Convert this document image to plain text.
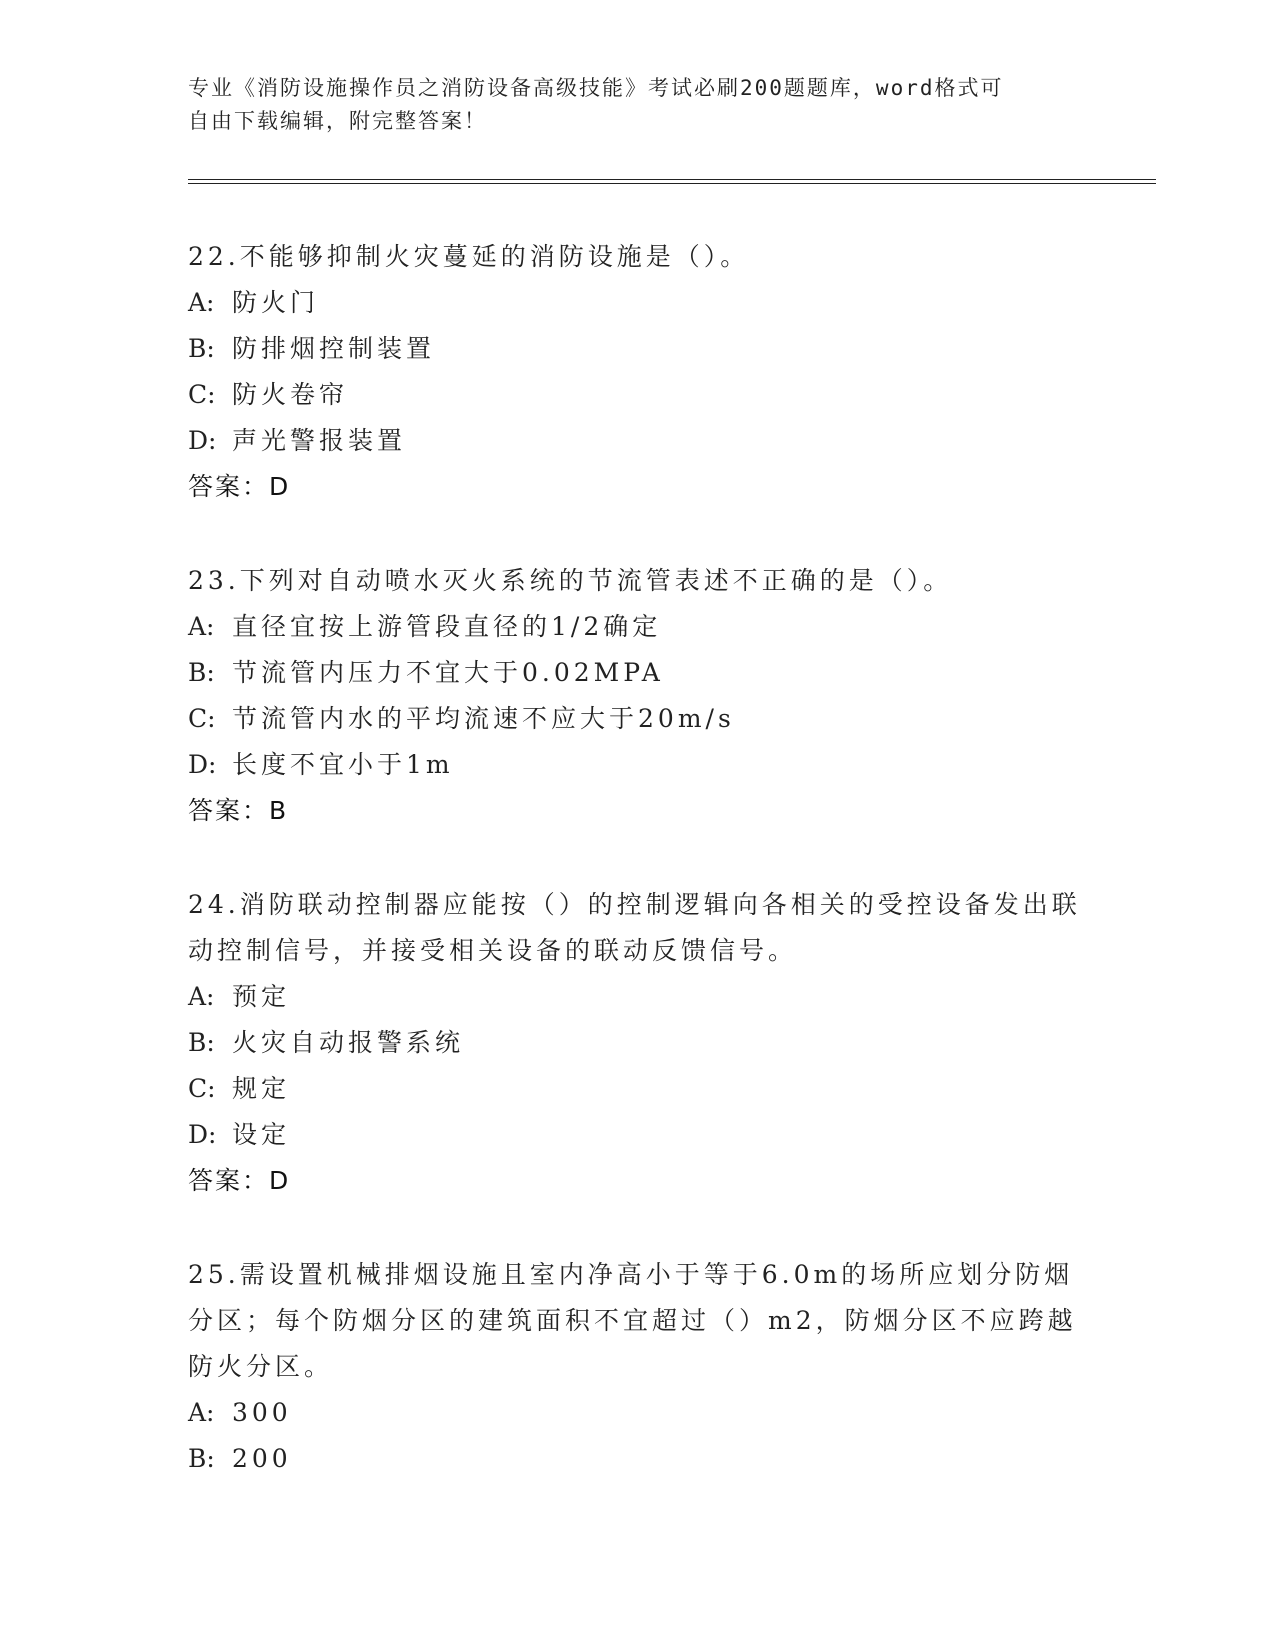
专业《消防设施操作员之消防设备高级技能》考试必刷200题题库，word格式可
自由下载编辑，附完整答案！
22.不能够抑制火灾蔓延的消防设施是（）。
A: 防火门
B: 防排烟控制装置
C: 防火卷帘
D: 声光警报装置
答案：D
23.下列对自动喷水灭火系统的节流管表述不正确的是（）。
A: 直径宜按上游管段直径的1/2确定
B: 节流管内压力不宜大于0.02MPA
C: 节流管内水的平均流速不应大于20m/s
D: 长度不宜小于1m
答案：B
24.消防联动控制器应能按（）的控制逻辑向各相关的受控设备发出联动控制信号，并接受相关设备的联动反馈信号。
A: 预定
B: 火灾自动报警系统
C: 规定
D: 设定
答案：D
25.需设置机械排烟设施且室内净高小于等于6.0m的场所应划分防烟分区；每个防烟分区的建筑面积不宜超过（）m2，防烟分区不应跨越防火分区。
A: 300
B: 200
